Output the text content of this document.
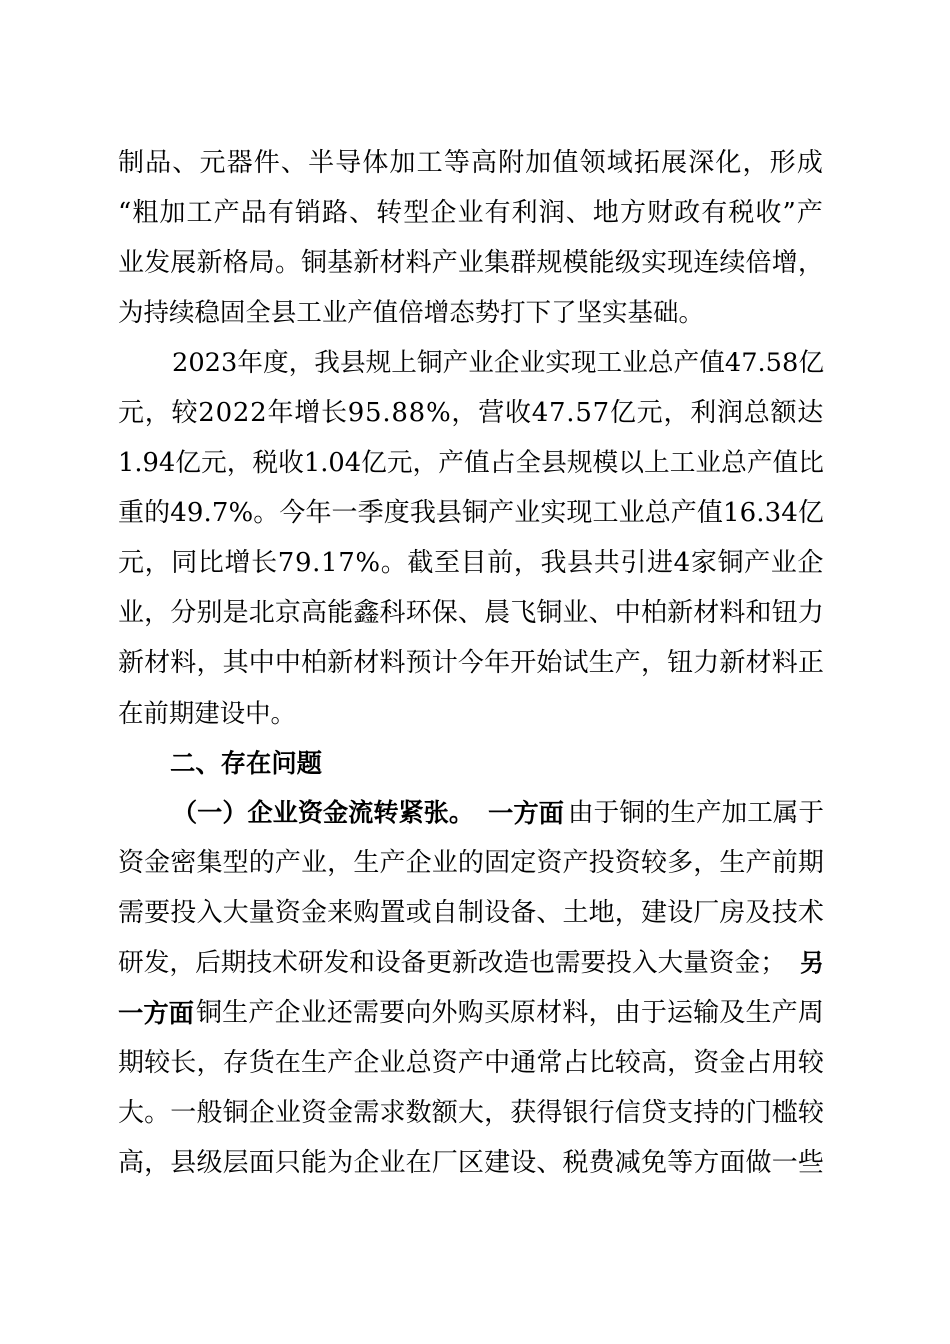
制品、元器件、半导体加工等高附加值领域拓展深化，形成
“粗加工产品有销路、转型企业有利润、地方财政有税收”产
业发展新格局。铜基新材料产业集群规模能级实现连续倍增，
为持续稳固全县工业产值倍增态势打下了坚实基础。
2023年度，我县规上铜产业企业实现工业总产值47.58亿
元，较2022年增长95.88%，营收47.57亿元，利润总额达
1.94亿元，税收1.04亿元，产值占全县规模以上工业总产值比
重的49.7%。今年一季度我县铜产业实现工业总产值16.34亿
元，同比增长79.17%。截至目前，我县共引进4家铜产业企
业，分别是北京高能鑫科环保、晨飞铜业、中柏新材料和钮力
新材料，其中中柏新材料预计今年开始试生产，钮力新材料正
在前期建设中。
二、存在问题
（一）企业资金流转紧张。 一方面 由于铜的生产加工属于
资金密集型的产业，生产企业的固定资产投资较多，生产前期
需要投入大量资金来购置或自制设备、土地，建设厂房及技术
研发，后期技术研发和设备更新改造也需要投入大量资金； 另
一方面 铜生产企业还需要向外购买原材料，由于运输及生产周
期较长，存货在生产企业总资产中通常占比较高，资金占用较
大。一般铜企业资金需求数额大，获得银行信贷支持的门槛较
高，县级层面只能为企业在厂区建设、税费减免等方面做一些
